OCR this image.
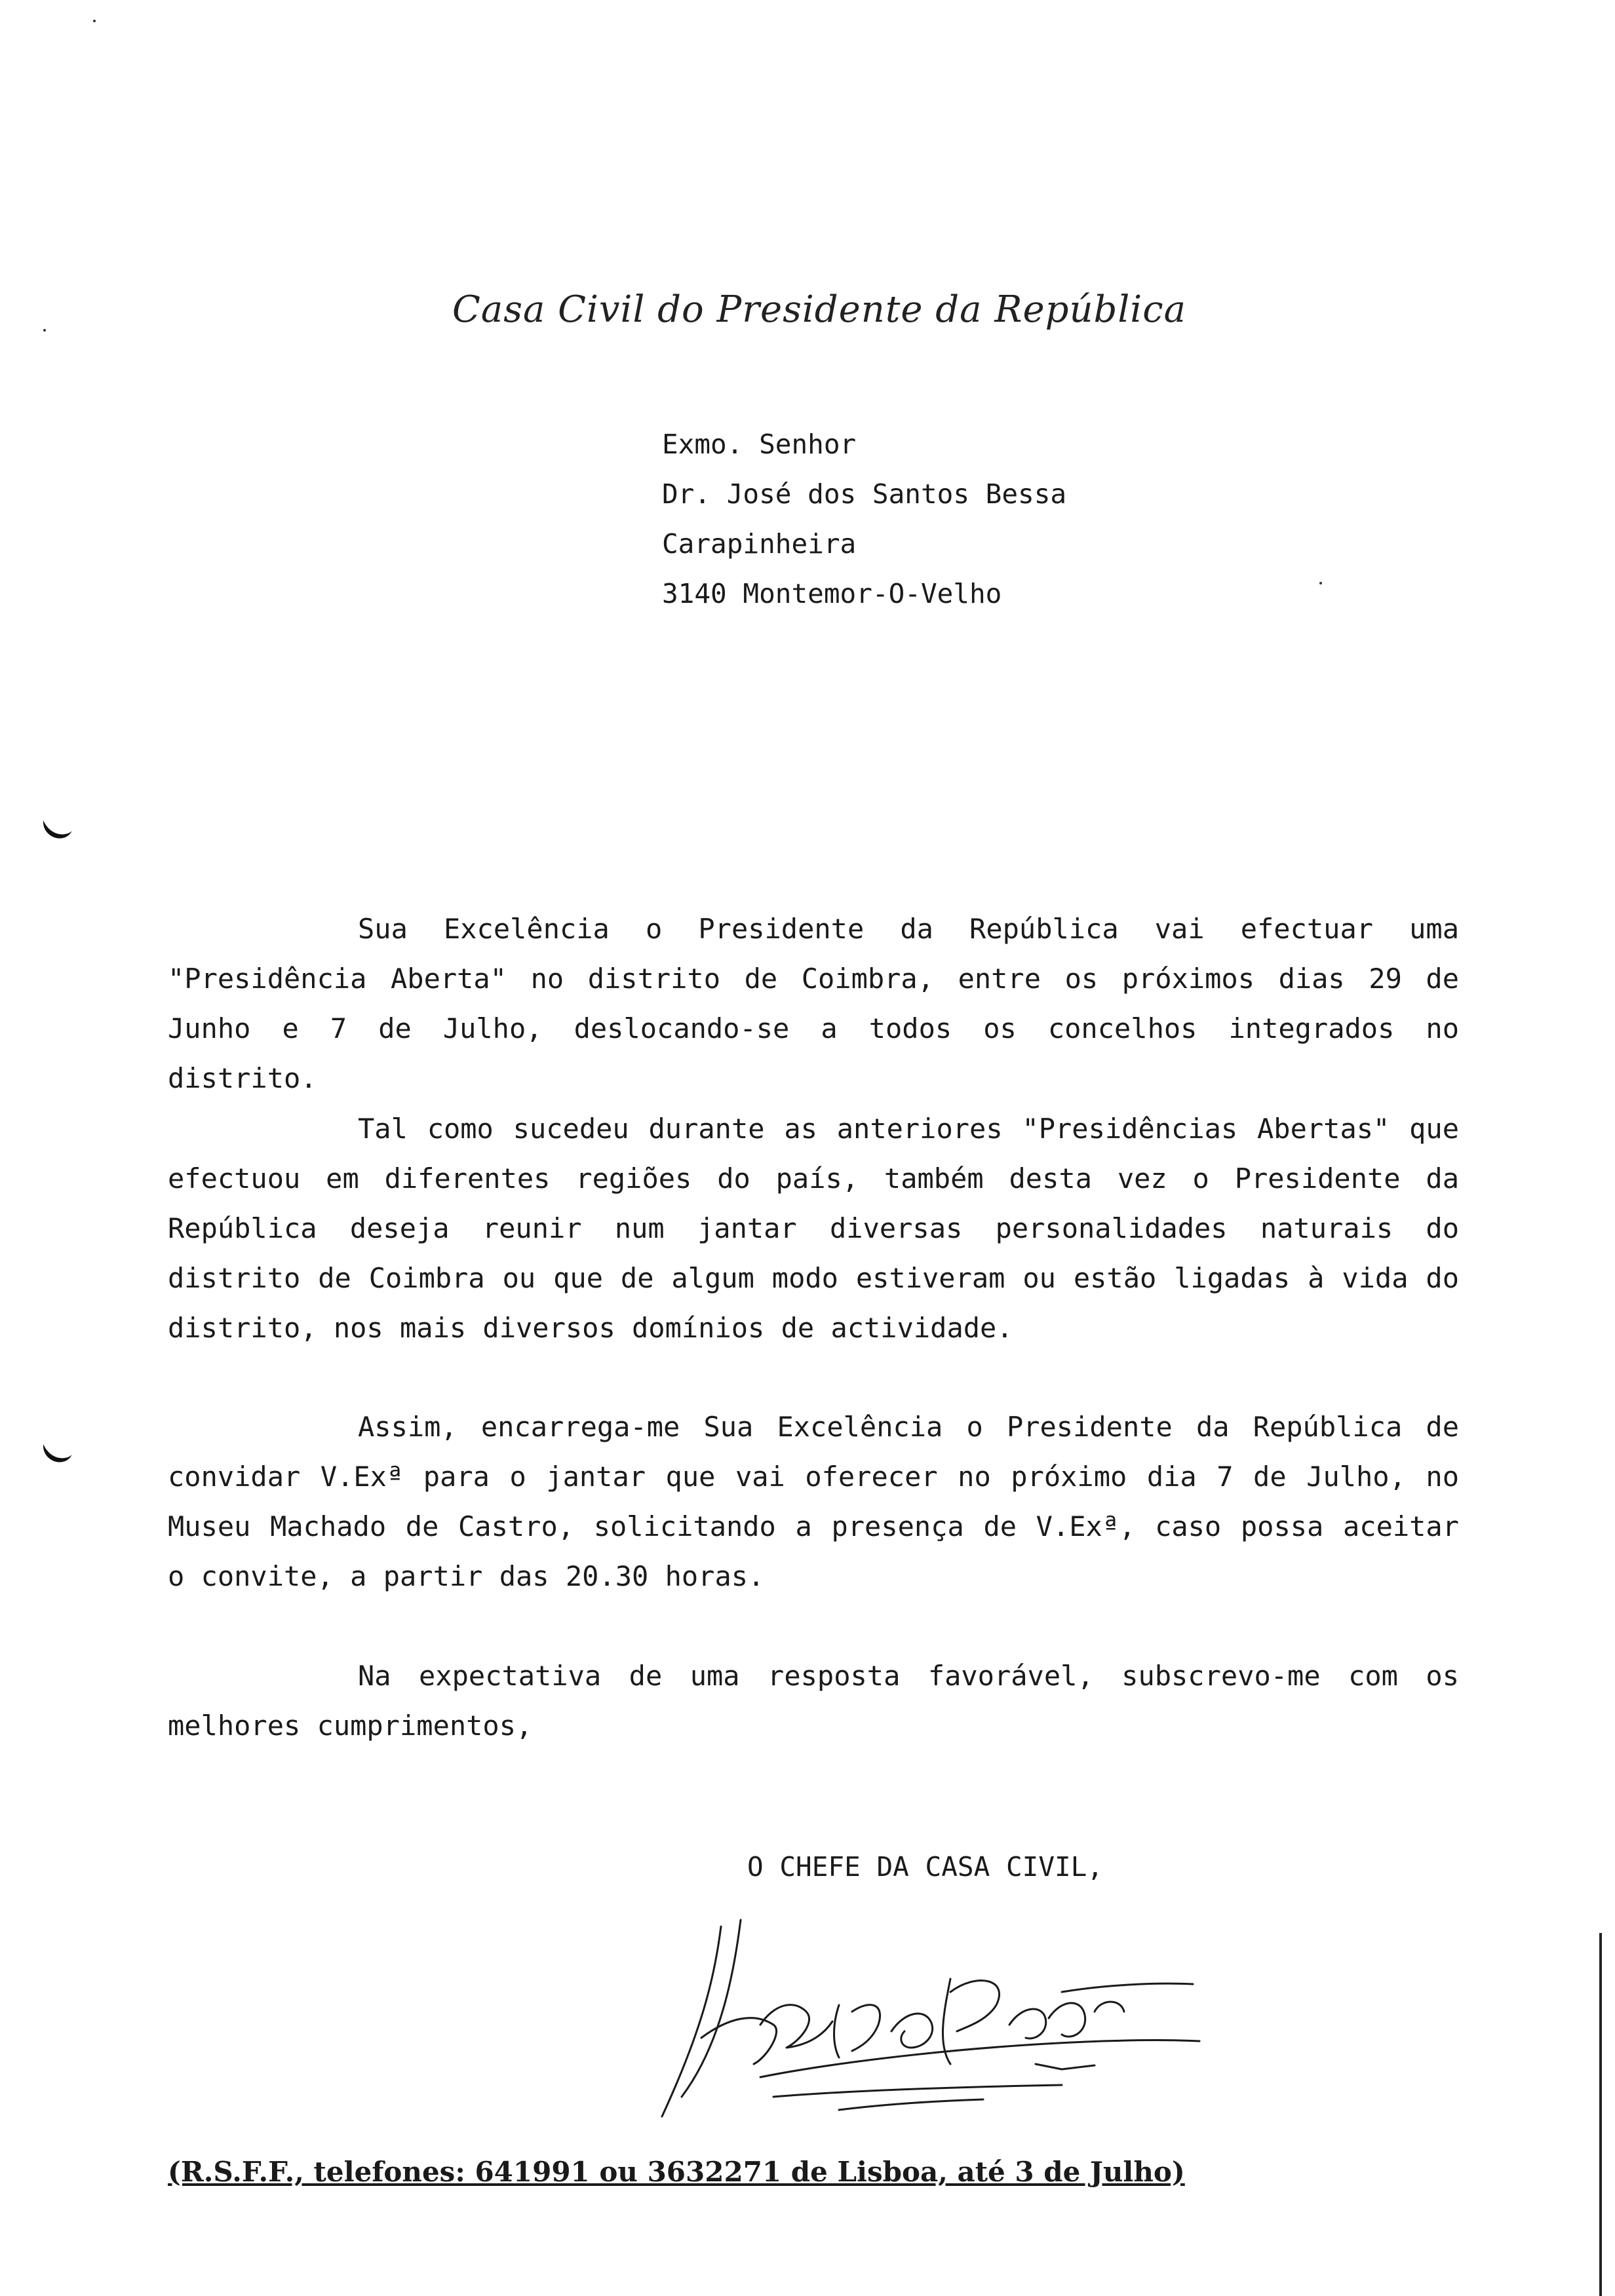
Casa Civil do Presidente da República
Exmo. Senhor
Dr. José dos Santos Bessa
Carapinheira
3140 Montemor-O-Velho

Sua Excelência o Presidente da República vai efectuar uma "Presidência Aberta" no distrito de Coimbra, entre os próximos dias 29 de Junho e 7 de Julho, deslocando-se a todos os concelhos integrados no distrito.

Tal como sucedeu durante as anteriores "Presidências Abertas" que efectuou em diferentes regiões do país, também desta vez o Presidente da República deseja reunir num jantar diversas personalidades naturais do distrito de Coimbra ou que de algum modo estiveram ou estão ligadas à vida do distrito, nos mais diversos domínios de actividade.

Assim, encarrega-me Sua Excelência o Presidente da República de convidar V.Exª para o jantar que vai oferecer no próximo dia 7 de Julho, no Museu Machado de Castro, solicitando a presença de V.Exª, caso possa aceitar o convite, a partir das 20.30 horas.

Na expectativa de uma resposta favorável, subscrevo-me com os melhores cumprimentos,

O CHEFE DA CASA CIVIL,
(R.S.F.F., telefones: 641991 ou 3632271 de Lisboa, até 3 de Julho)
